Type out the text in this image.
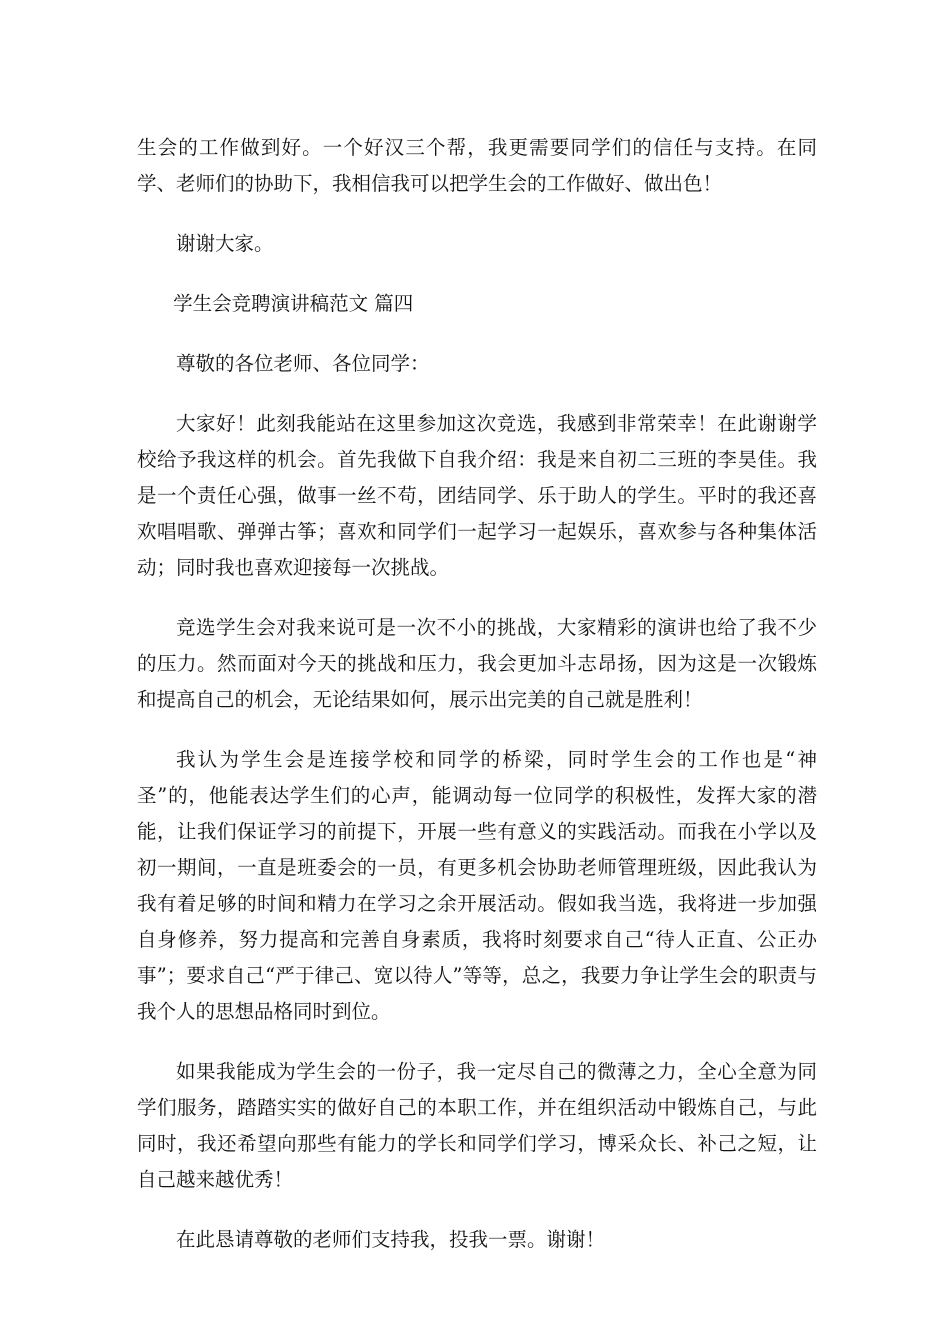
生会的工作做到好。一个好汉三个帮，我更需要同学们的信任与支持。在同学、老师们的协助下，我相信我可以把学生会的工作做好、做出色！

谢谢大家。

学生会竞聘演讲稿范文 篇四

尊敬的各位老师、各位同学：

大家好！此刻我能站在这里参加这次竞选，我感到非常荣幸！在此谢谢学校给予我这样的机会。首先我做下自我介绍：我是来自初二三班的李昊佳。我是一个责任心强，做事一丝不苟，团结同学、乐于助人的学生。平时的我还喜欢唱唱歌、弹弹古筝；喜欢和同学们一起学习一起娱乐，喜欢参与各种集体活动；同时我也喜欢迎接每一次挑战。

竞选学生会对我来说可是一次不小的挑战，大家精彩的演讲也给了我不少的压力。然而面对今天的挑战和压力，我会更加斗志昂扬，因为这是一次锻炼和提高自己的机会，无论结果如何，展示出完美的自己就是胜利！

我认为学生会是连接学校和同学的桥梁，同时学生会的工作也是“神圣”的，他能表达学生们的心声，能调动每一位同学的积极性，发挥大家的潜能，让我们保证学习的前提下，开展一些有意义的实践活动。而我在小学以及初一期间，一直是班委会的一员，有更多机会协助老师管理班级，因此我认为我有着足够的时间和精力在学习之余开展活动。假如我当选，我将进一步加强自身修养，努力提高和完善自身素质，我将时刻要求自己“待人正直、公正办事”；要求自己“严于律己、宽以待人”等等，总之，我要力争让学生会的职责与我个人的思想品格同时到位。

如果我能成为学生会的一份子，我一定尽自己的微薄之力，全心全意为同学们服务，踏踏实实的做好自己的本职工作，并在组织活动中锻炼自己，与此同时，我还希望向那些有能力的学长和同学们学习，博采众长、补己之短，让自己越来越优秀！

在此恳请尊敬的老师们支持我，投我一票。谢谢！
